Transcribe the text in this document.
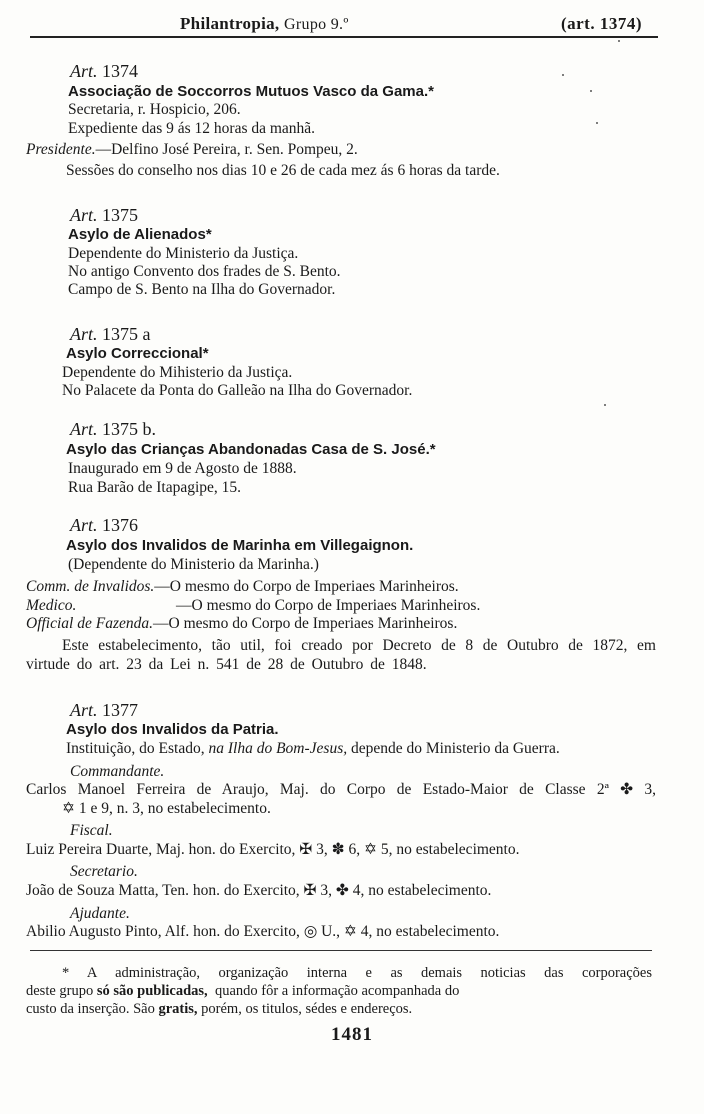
Philantropia, Grupo 9.º	(art. 1374)
Art. 1374
Associação de Soccorros Mutuos Vasco da Gama.*
Secretaria, r. Hospicio, 206.
Expediente das 9 ás 12 horas da manhã.
Presidente.—Delfino José Pereira, r. Sen. Pompeu, 2.
Sessões do conselho nos dias 10 e 26 de cada mez ás 6 horas da tarde.
Art. 1375
Asylo de Alienados*
Dependente do Ministerio da Justiça.
No antigo Convento dos frades de S. Bento.
Campo de S. Bento na Ilha do Governador.
Art. 1375 a
Asylo Correccional*
Dependente do Mihisterio da Justiça.
No Palacete da Ponta do Galleão na Ilha do Governador.
Art. 1375 b.
Asylo das Crianças Abandonadas Casa de S. José.*
Inaugurado em 9 de Agosto de 1888.
Rua Barão de Itapagipe, 15.
Art. 1376
Asylo dos Invalidos de Marinha em Villegaignon.
(Dependente do Ministerio da Marinha.)
Comm. de Invalidos.—O mesmo do Corpo de Imperiaes Marinheiros.
Medico.	—O mesmo do Corpo de Imperiaes Marinheiros.
Official de Fazenda.—O mesmo do Corpo de Imperiaes Marinheiros.
Este estabelecimento, tão util, foi creado por Decreto de 8 de Outubro de 1872, em
virtude do art. 23 da Lei n. 541 de 28 de Outubro de 1848.
Art. 1377
Asylo dos Invalidos da Patria.
Instituição, do Estado, na Ilha do Bom-Jesus, depende do Ministerio da Guerra.
Commandante.
Carlos Manoel Ferreira de Araujo, Maj. do Corpo de Estado-Maior de Classe 2ª ✤ 3,
✡ 1 e 9, n. 3, no estabelecimento.
Fiscal.
Luiz Pereira Duarte, Maj. hon. do Exercito, ✠ 3, ✽ 6, ✡ 5, no estabelecimento.
Secretario.
João de Souza Matta, Ten. hon. do Exercito, ✠ 3, ✤ 4, no estabelecimento.
Ajudante.
Abilio Augusto Pinto, Alf. hon. do Exercito, ◎ U., ✡ 4, no estabelecimento.
* A administração, organização interna e as demais noticias das corporações
deste grupo só são publicadas, quando fôr a informação acompanhada do
custo da inserção. São gratis, porém, os titulos, sédes e endereços.
1481
